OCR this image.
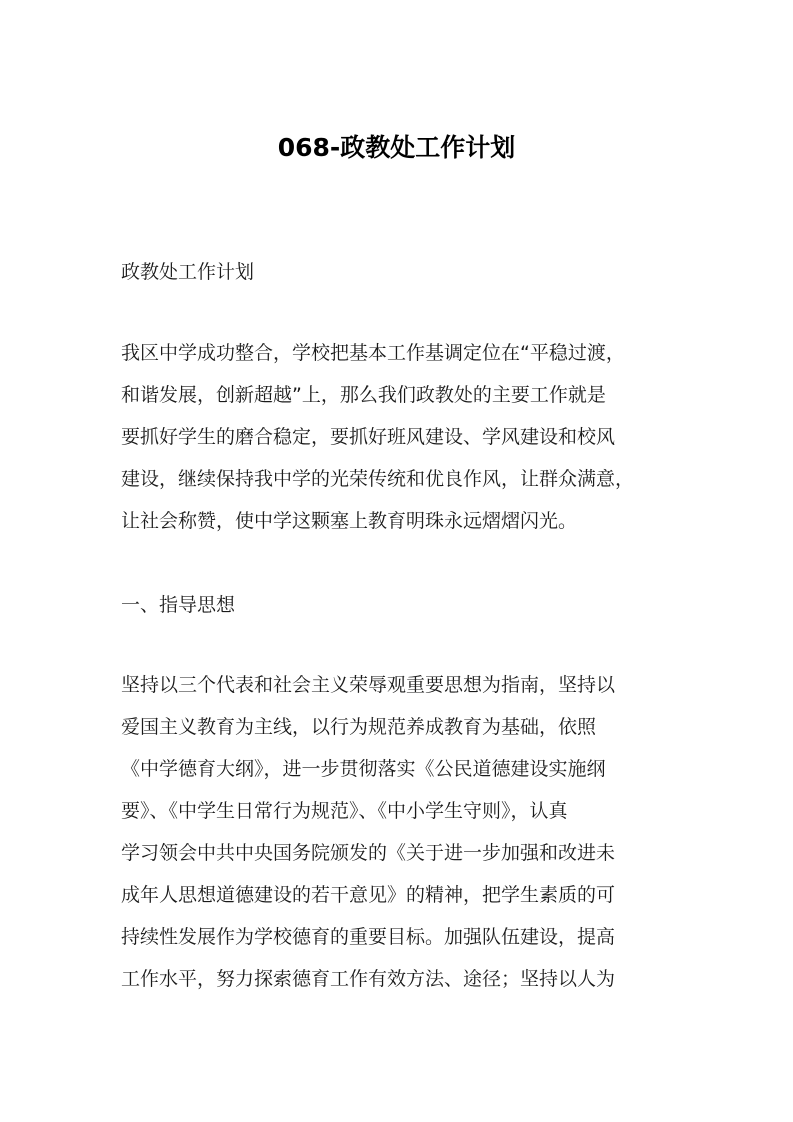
068-政教处工作计划
政教处工作计划
我区中学成功整合，学校把基本工作基调定位在“平稳过渡，
和谐发展，创新超越”上，那么我们政教处的主要工作就是
要抓好学生的磨合稳定，要抓好班风建设、学风建设和校风
建设，继续保持我中学的光荣传统和优良作风，让群众满意，
让社会称赞，使中学这颗塞上教育明珠永远熠熠闪光。
一、指导思想
坚持以三个代表和社会主义荣辱观重要思想为指南，坚持以
爱国主义教育为主线，以行为规范养成教育为基础，依照
《中学德育大纲》，进一步贯彻落实《公民道德建设实施纲
要》、《中学生日常行为规范》、《中小学生守则》，认真
学习领会中共中央国务院颁发的《关于进一步加强和改进未
成年人思想道德建设的若干意见》的精神，把学生素质的可
持续性发展作为学校德育的重要目标。加强队伍建设，提高
工作水平，努力探索德育工作有效方法、途径；坚持以人为
